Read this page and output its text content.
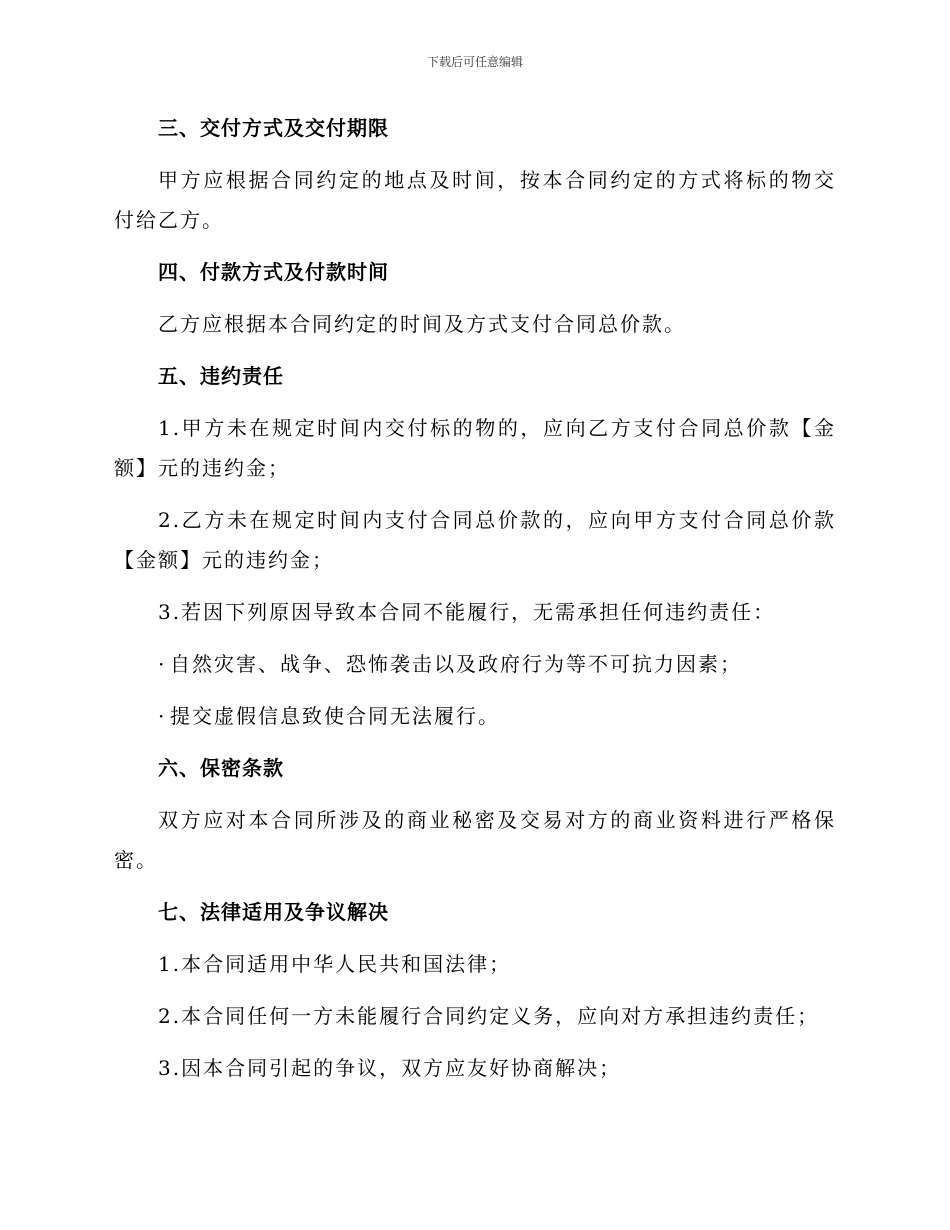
下载后可任意编辑
三、交付方式及交付期限

甲方应根据合同约定的地点及时间，按本合同约定的方式将标的物交付给乙方。

四、付款方式及付款时间

乙方应根据本合同约定的时间及方式支付合同总价款。

五、违约责任

1.甲方未在规定时间内交付标的物的，应向乙方支付合同总价款【金额】元的违约金；

2.乙方未在规定时间内支付合同总价款的，应向甲方支付合同总价款【金额】元的违约金；

3.若因下列原因导致本合同不能履行，无需承担任何违约责任：

· 自然灾害、战争、恐怖袭击以及政府行为等不可抗力因素；
· 提交虚假信息致使合同无法履行。
六、保密条款

双方应对本合同所涉及的商业秘密及交易对方的商业资料进行严格保密。

七、法律适用及争议解决

1.本合同适用中华人民共和国法律；

2.本合同任何一方未能履行合同约定义务，应向对方承担违约责任；

3.因本合同引起的争议，双方应友好协商解决；
